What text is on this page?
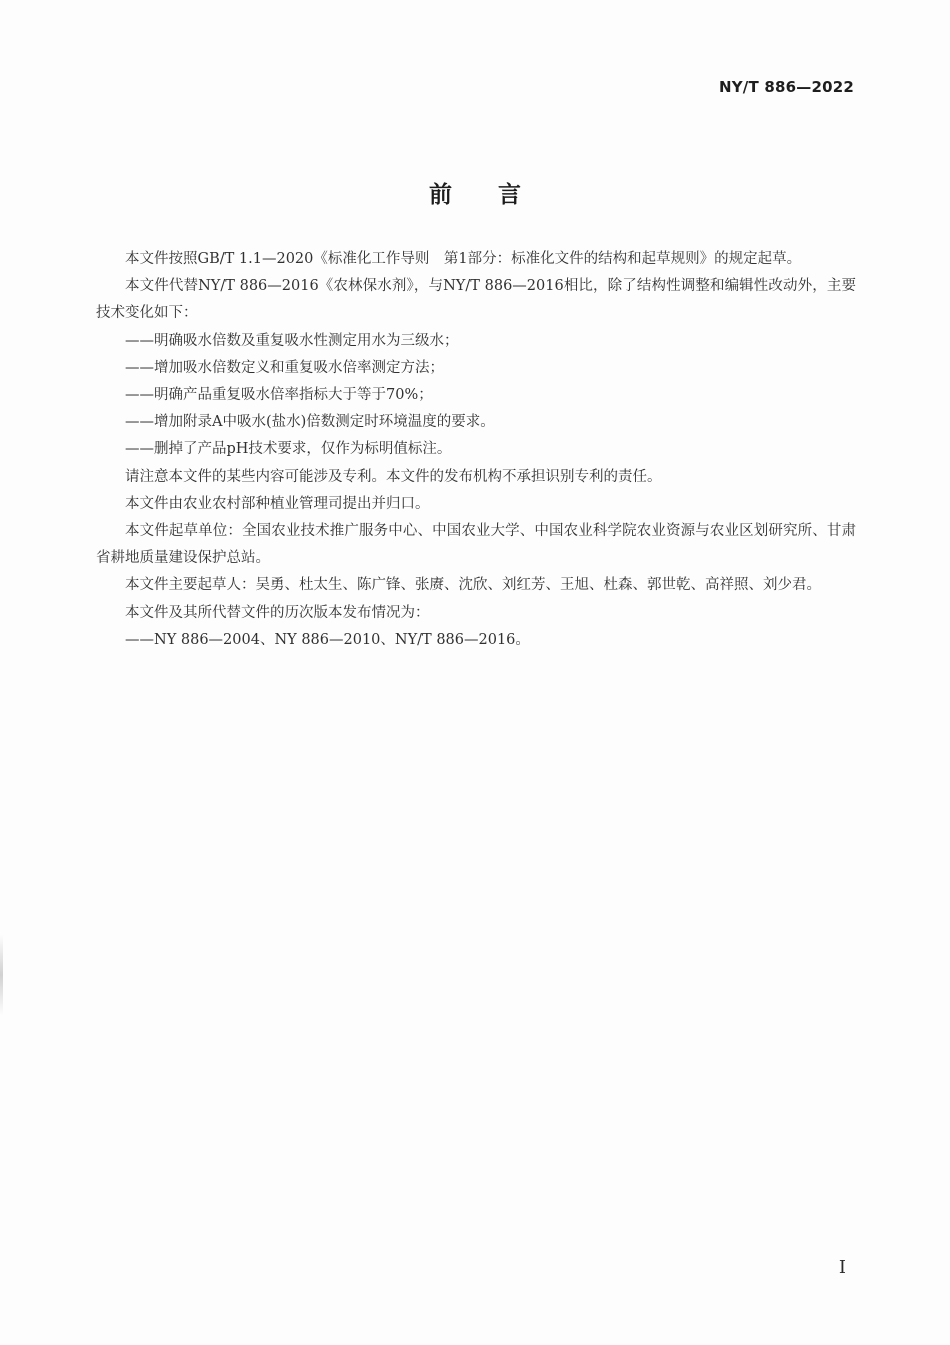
NY/T 886—2022
前言

本文件按照GB/T 1.1—2020《标准化工作导则　第1部分：标准化文件的结构和起草规则》的规定起草。

本文件代替NY/T 886—2016《农林保水剂》，与NY/T 886—2016相比，除了结构性调整和编辑性改动外，主要技术变化如下：

——明确吸水倍数及重复吸水性测定用水为三级水；

——增加吸水倍数定义和重复吸水倍率测定方法；

——明确产品重复吸水倍率指标大于等于70%；

——增加附录A中吸水(盐水)倍数测定时环境温度的要求。

——删掉了产品pH技术要求，仅作为标明值标注。

请注意本文件的某些内容可能涉及专利。本文件的发布机构不承担识别专利的责任。

本文件由农业农村部种植业管理司提出并归口。

本文件起草单位：全国农业技术推广服务中心、中国农业大学、中国农业科学院农业资源与农业区划研究所、甘肃省耕地质量建设保护总站。

本文件主要起草人：吴勇、杜太生、陈广锋、张赓、沈欣、刘红芳、王旭、杜森、郭世乾、高祥照、刘少君。

本文件及其所代替文件的历次版本发布情况为：

——NY 886—2004、NY 886—2010、NY/T 886—2016。

I
